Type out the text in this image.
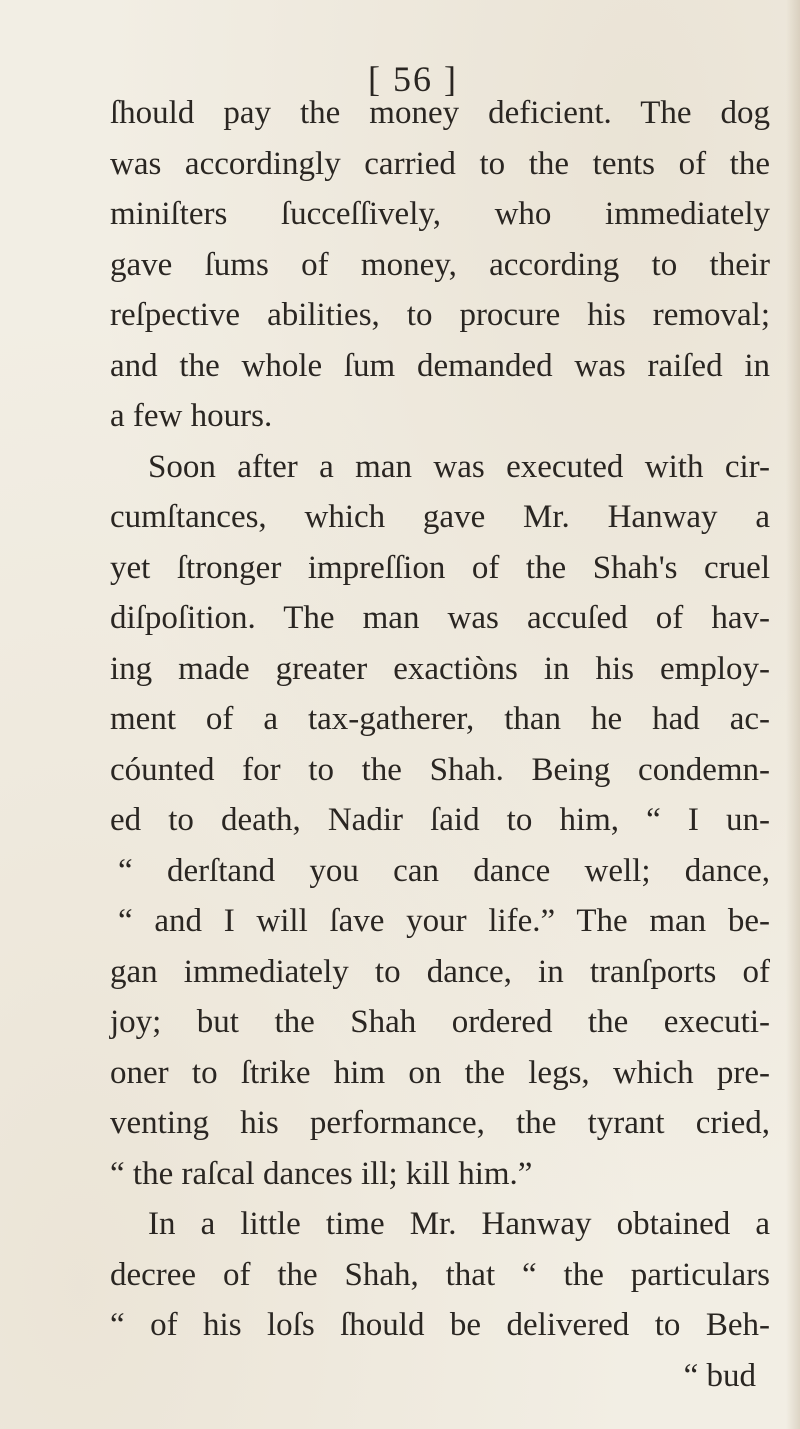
[ 56 ]
ſhould pay the money deficient. The dog
was accordingly carried to the tents of the
miniſters ſucceſſively, who immediately
gave ſums of money, according to their
reſpective abilities, to procure his removal;
and the whole ſum demanded was raiſed in
a few hours.
Soon after a man was executed with cir-
cumſtances, which gave Mr. Hanway a
yet ſtronger impreſſion of the Shah's cruel
diſpoſition. The man was accuſed of hav-
ing made greater exactiòns in his employ-
ment of a tax-gatherer, than he had ac-
cóunted for to the Shah. Being condemn-
ed to death, Nadir ſaid to him, “ I un-
“ derſtand you can dance well; dance,
“ and I will ſave your life.” The man be-
gan immediately to dance, in tranſports of
joy; but the Shah ordered the executi-
oner to ſtrike him on the legs, which pre-
venting his performance, the tyrant cried,
“ the raſcal dances ill; kill him.”
In a little time Mr. Hanway obtained a
decree of the Shah, that “ the particulars
“ of his loſs ſhould be delivered to Beh-
“ bud
